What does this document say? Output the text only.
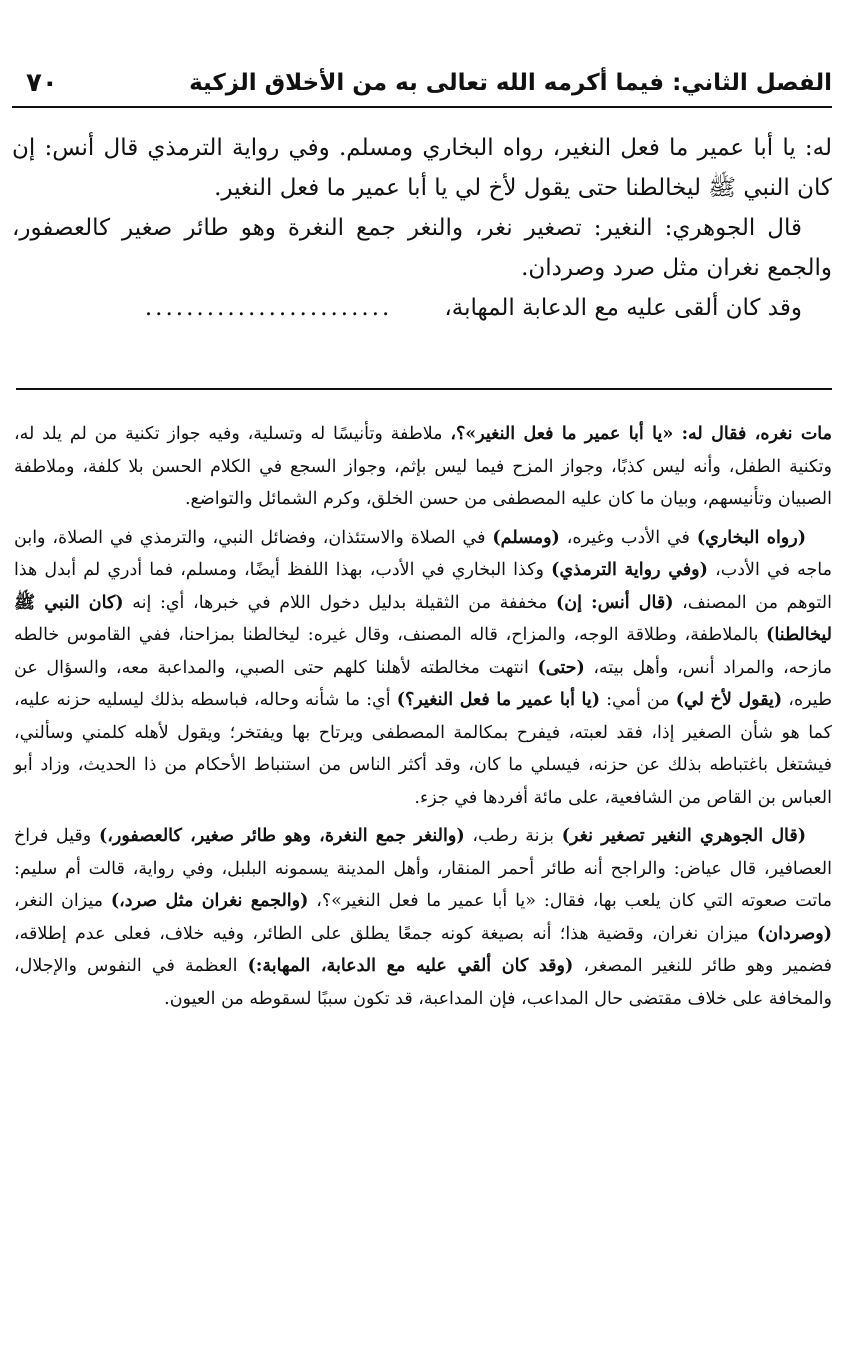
الفصل الثاني: فيما أكرمه الله تعالى به من الأخلاق الزكية
٧٠

له: يا أبا عمير ما فعل النغير، رواه البخاري ومسلم. وفي رواية الترمذي قال أنس: إن كان النبي ﷺ ليخالطنا حتى يقول لأخ لي يا أبا عمير ما فعل النغير.

قال الجوهري: النغير: تصغير نغر، والنغر جمع النغرة وهو طائر صغير كالعصفور، والجمع نغران مثل صرد وصردان.

وقد كان ألقى عليه مع الدعابة المهابة،........................

مات نغره، فقال له: «يا أبا عمير ما فعل النغير»؟، ملاطفة وتأنيسًا له وتسلية، وفيه جواز تكنية من لم يلد له، وتكنية الطفل، وأنه ليس كذبًا، وجواز المزح فيما ليس بإثم، وجواز السجع في الكلام الحسن بلا كلفة، وملاطفة الصبيان وتأنيسهم، وبيان ما كان عليه المصطفى من حسن الخلق، وكرم الشمائل والتواضع.

(رواه البخاري) في الأدب وغيره، (ومسلم) في الصلاة والاستئذان، وفضائل النبي، والترمذي في الصلاة، وابن ماجه في الأدب، (وفي رواية الترمذي) وكذا البخاري في الأدب، بهذا اللفظ أيضًا، ومسلم، فما أدري لم أبدل هذا التوهم من المصنف، (قال أنس: إن) مخففة من الثقيلة بدليل دخول اللام في خبرها، أي: إنه (كان النبي ﷺ ليخالطنا) بالملاطفة، وطلاقة الوجه، والمزاح، قاله المصنف، وقال غيره: ليخالطنا بمزاحنا، ففي القاموس خالطه مازحه، والمراد أنس، وأهل بيته، (حتى) انتهت مخالطته لأهلنا كلهم حتى الصبي، والمداعبة معه، والسؤال عن طيره، (يقول لأخ لي) من أمي: (يا أبا عمير ما فعل النغير؟) أي: ما شأنه وحاله، فباسطه بذلك ليسليه حزنه عليه، كما هو شأن الصغير إذا، فقد لعبته، فيفرح بمكالمة المصطفى ويرتاح بها ويفتخر؛ ويقول لأهله كلمني وسألني، فيشتغل باغتباطه بذلك عن حزنه، فيسلي ما كان، وقد أكثر الناس من استنباط الأحكام من ذا الحديث، وزاد أبو العباس بن القاص من الشافعية، على مائة أفردها في جزء.

(قال الجوهري النغير تصغير نغر) بزنة رطب، (والنغر جمع النغرة، وهو طائر صغير، كالعصفور،) وقيل فراخ العصافير، قال عياض: والراجح أنه طائر أحمر المنقار، وأهل المدينة يسمونه البلبل، وفي رواية، قالت أم سليم: ماتت صعوته التي كان يلعب بها، فقال: «يا أبا عمير ما فعل النغير»؟، (والجمع نغران مثل صرد،) ميزان النغر، (وصردان) ميزان نغران، وقضية هذا؛ أنه بصيغة كونه جمعًا يطلق على الطائر، وفيه خلاف، فعلى عدم إطلاقه، فضمير وهو طائر للنغير المصغر، (وقد كان ألقي عليه مع الدعابة، المهابة:) العظمة في النفوس والإجلال، والمخافة على خلاف مقتضى حال المداعب، فإن المداعبة، قد تكون سببًا لسقوطه من العيون.
